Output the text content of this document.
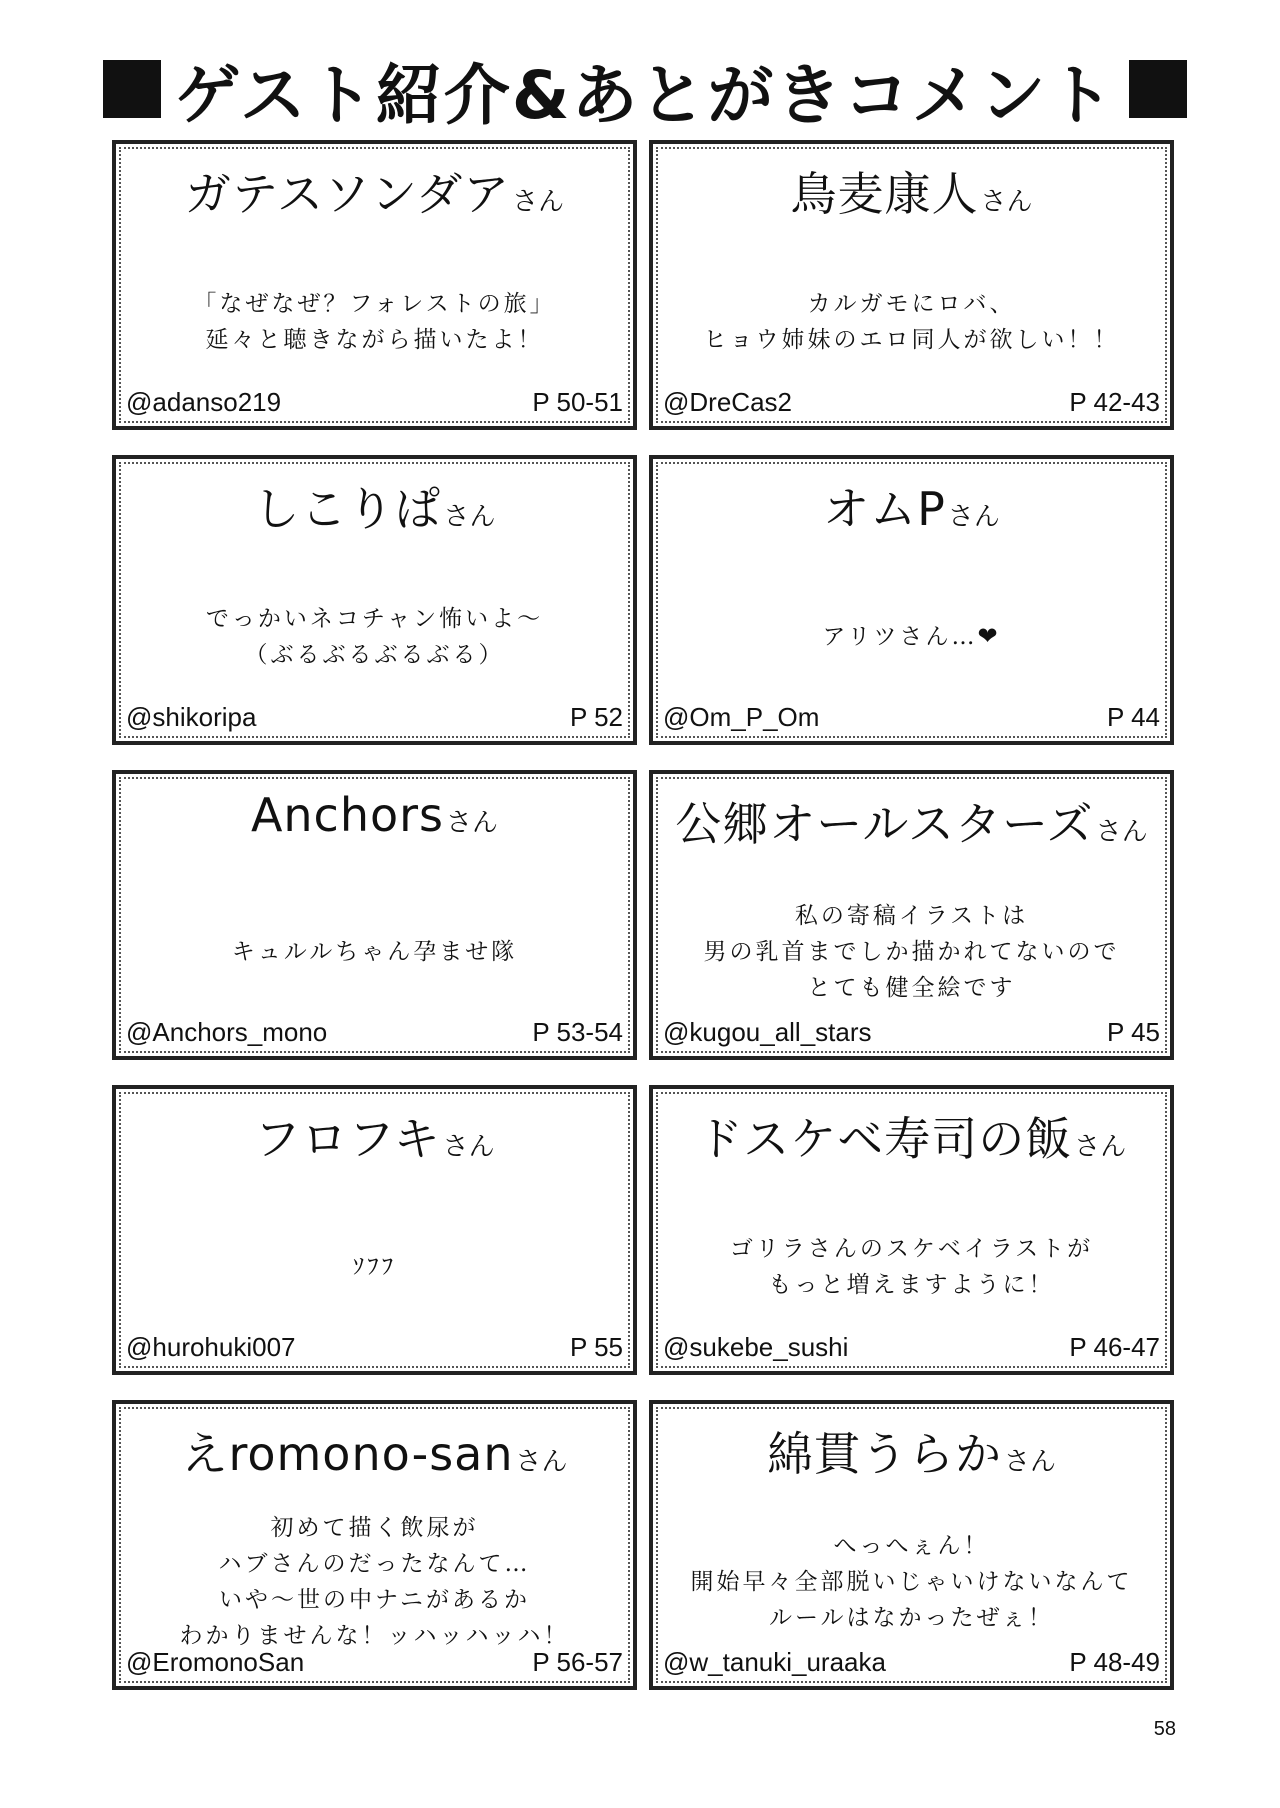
ゲスト紹介&あとがきコメント
ガテスソンダアさん
「なぜなぜ？フォレストの旅」
延々と聴きながら描いたよ！
@adanso219	P 50-51
鳥麦康人さん
カルガモにロバ、
ヒョウ姉妹のエロ同人が欲しい！！
@DreCas2	P 42-43
しこりぱさん
でっかいネコチャン怖いよ～
（ぶるぶるぶるぶる）
@shikoripa	P 52
オムPさん
アリツさん…❤
@Om_P_Om	P 44
Anchorsさん
キュルルちゃん孕ませ隊
@Anchors_mono	P 53-54
公郷オールスターズさん
私の寄稿イラストは
男の乳首までしか描かれてないので
とても健全絵です
@kugou_all_stars	P 45
フロフキさん
ｿﾌﾌ
@hurohuki007	P 55
ドスケベ寿司の飯さん
ゴリラさんのスケベイラストが
もっと増えますように！
@sukebe_sushi	P 46-47
えromono-sanさん
初めて描く飲尿が
ハブさんのだったなんて…
いや～世の中ナニがあるか
わかりませんな！ッハッハッハ！
@EromonoSan	P 56-57
綿貫うらかさん
へっへぇん！
開始早々全部脱いじゃいけないなんて
ルールはなかったぜぇ！
@w_tanuki_uraaka	P 48-49
58
